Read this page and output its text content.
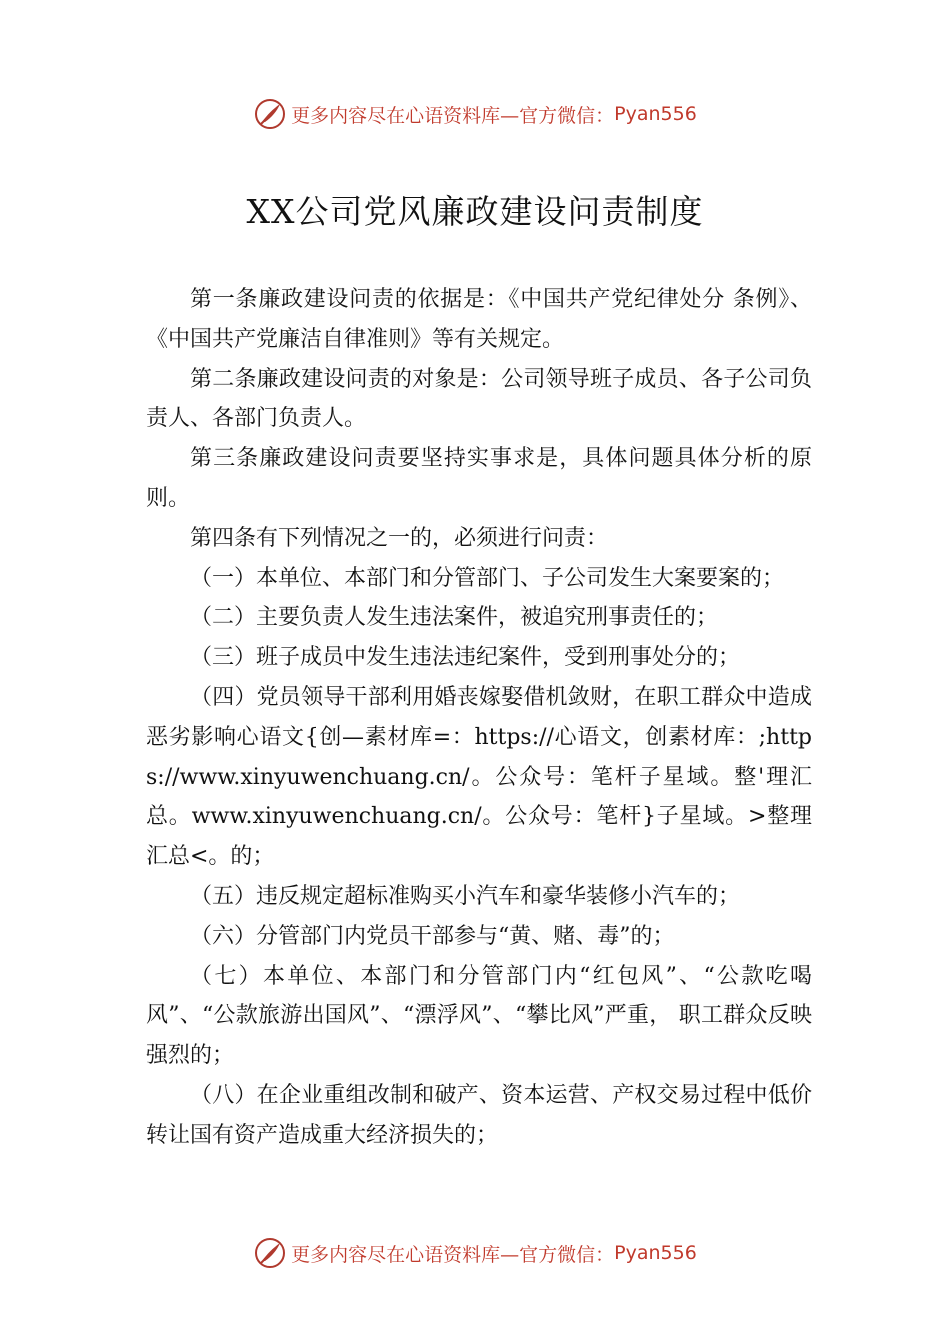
更多内容尽在心语资料库—官方微信： Pyan556
XX公司党风廉政建设问责制度

第一条廉政建设问责的依据是：《中国共产党纪律处分 条例》、《中国共产党廉洁自律准则》等有关规定。

第二条廉政建设问责的对象是：公司领导班子成员、各子公司负责人、各部门负责人。

第三条廉政建设问责要坚持实事求是，具体问题具体分析的原则。

第四条有下列情况之一的，必须进行问责：

（一）本单位、本部门和分管部门、子公司发生大案要案的；

（二）主要负责人发生违法案件，被追究刑事责任的；

（三）班子成员中发生违法违纪案件，受到刑事处分的；

（四）党员领导干部利用婚丧嫁娶借机敛财，在职工群众中造成恶劣影响心语文{创—素材库=：https://心语文，创素材库：;https://www.xinyuwenchuang.cn/。公众号：笔杆子星域。整'理汇总。www.xinyuwenchuang.cn/。公众号：笔杆}子星域。>整理汇总<。的；

（五）违反规定超标准购买小汽车和豪华装修小汽车的；

（六）分管部门内党员干部参与“黄、赌、毒”的；

（七）本单位、本部门和分管部门内“红包风”、“公款吃喝风”、“公款旅游出国风”、“漂浮风”、“攀比风”严重， 职工群众反映强烈的；

（八）在企业重组改制和破产、资本运营、产权交易过程中低价转让国有资产造成重大经济损失的；

更多内容尽在心语资料库—官方微信： Pyan556
